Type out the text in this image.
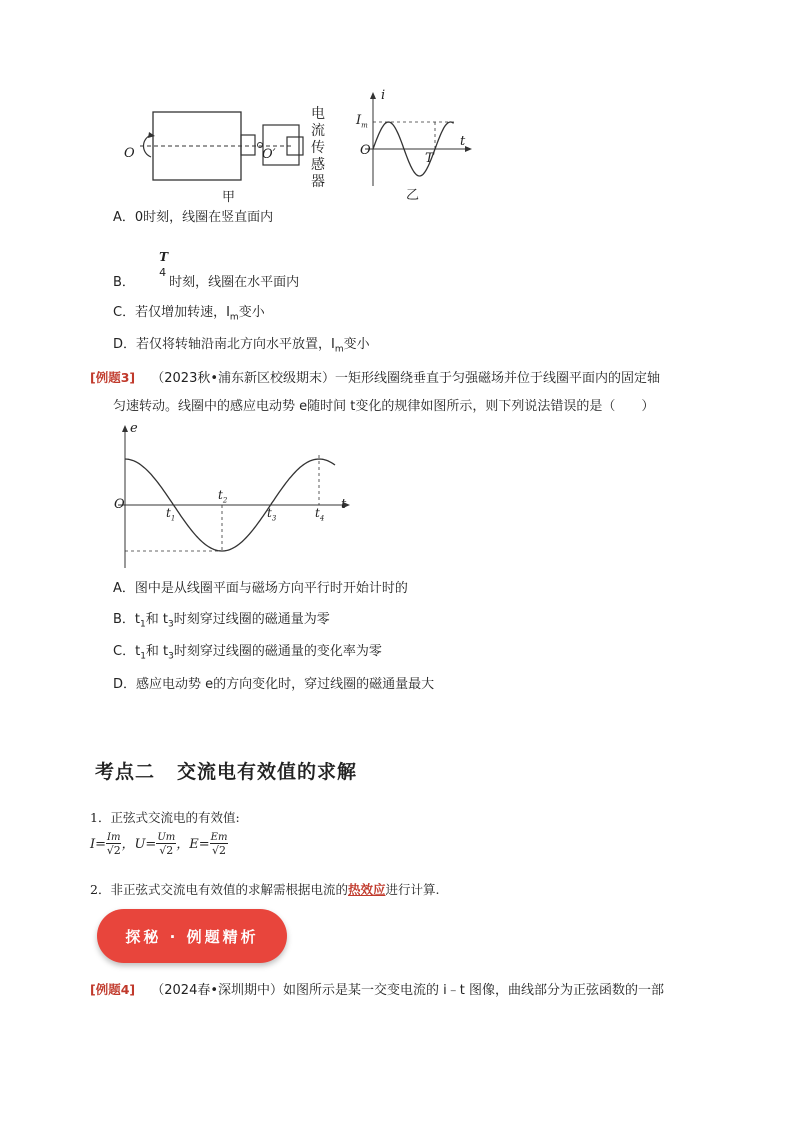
O	O′
电流传感器
甲
i
t
$I_m$
O
T
乙
A．0时刻，线圈在竖直面内
B．
T
4
时刻，线圈在水平面内
C．若仅增加转速，$I_m$变小
D．若仅将转轴沿南北方向水平放置，$I_m$变小
[例题3] （2023秋•浦东新区校级期末）一矩形线圈绕垂直于匀强磁场并位于线圈平面内的固定轴
匀速转动。线圈中的感应电动势 e随时间 t变化的规律如图所示，则下列说法错误的是（　　）
e
t
O
$t_1$
$t_2$
$t_3$	$t_4$
A．图中是从线圈平面与磁场方向平行时开始计时的
B．$t_1$和 $t_3$时刻穿过线圈的磁通量为零
C．$t_1$和 $t_3$时刻穿过线圈的磁通量的变化率为零
D．感应电动势 e的方向变化时，穿过线圈的磁通量最大
考点二 交流电有效值的求解
1．正弦式交流电的有效值:
$I= \frac{Im}{√2}$ ，$U= \frac{Um}{√2}$ ，$E= \frac{Em}{√2}$
2．非正弦式交流电有效值的求解需根据电流的热效应进行计算.
探秘 · 例题精析
[例题4] （2024春•深圳期中）如图所示是某一交变电流的 i﹣t 图像，曲线部分为正弦函数的一部
